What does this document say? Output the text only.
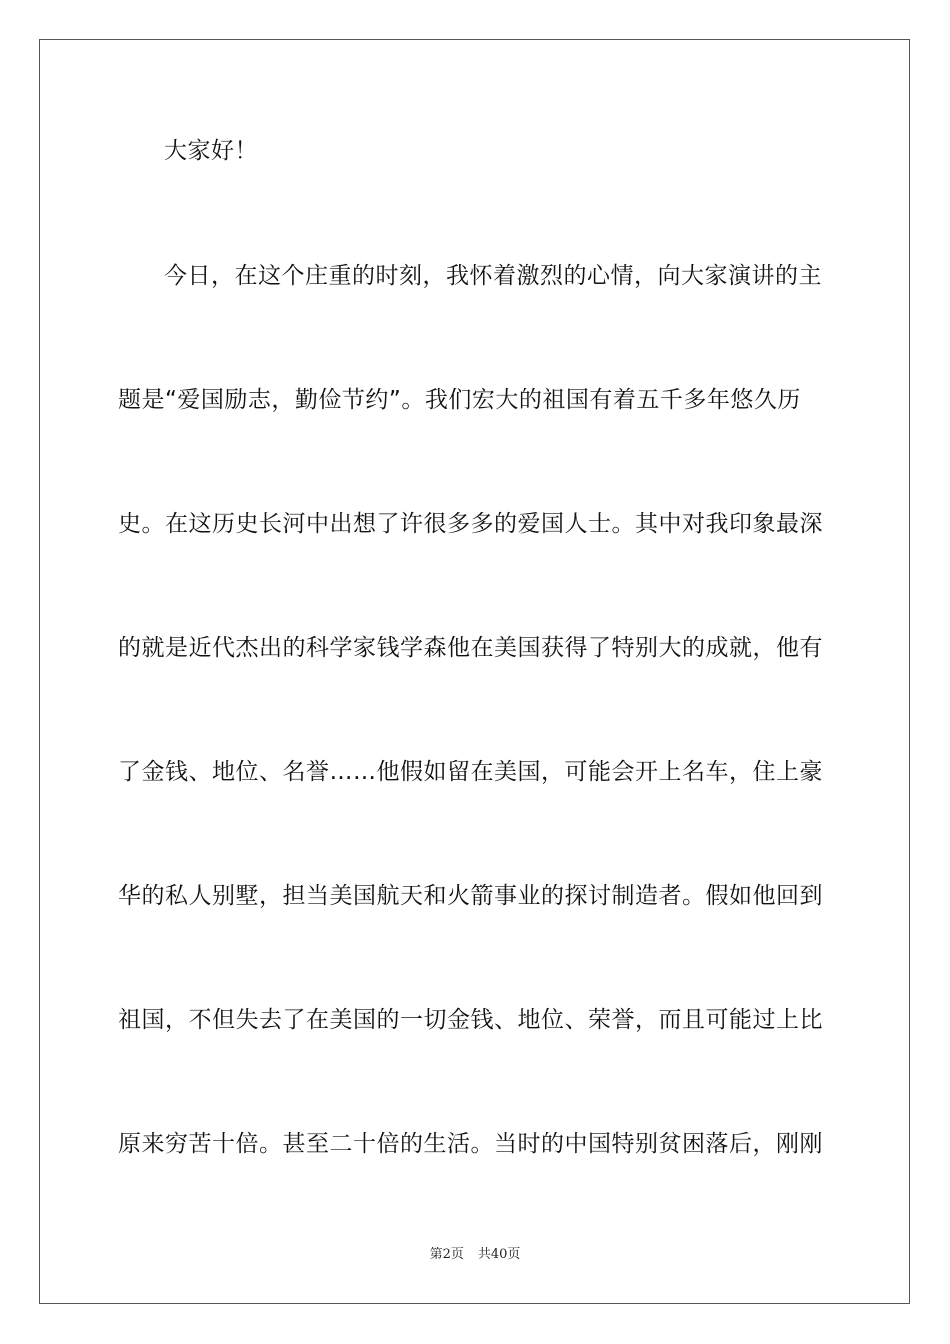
大家好！
今日，在这个庄重的时刻，我怀着激烈的心情，向大家演讲的主
题是“爱国励志，勤俭节约”。我们宏大的祖国有着五千多年悠久历
史。在这历史长河中出想了许很多多的爱国人士。其中对我印象最深
的就是近代杰出的科学家钱学森他在美国获得了特别大的成就，他有
了金钱、地位、名誉……他假如留在美国，可能会开上名车，住上豪
华的私人别墅，担当美国航天和火箭事业的探讨制造者。假如他回到
祖国，不但失去了在美国的一切金钱、地位、荣誉，而且可能过上比
原来穷苦十倍。甚至二十倍的生活。当时的中国特别贫困落后，刚刚
第2页 共40页
